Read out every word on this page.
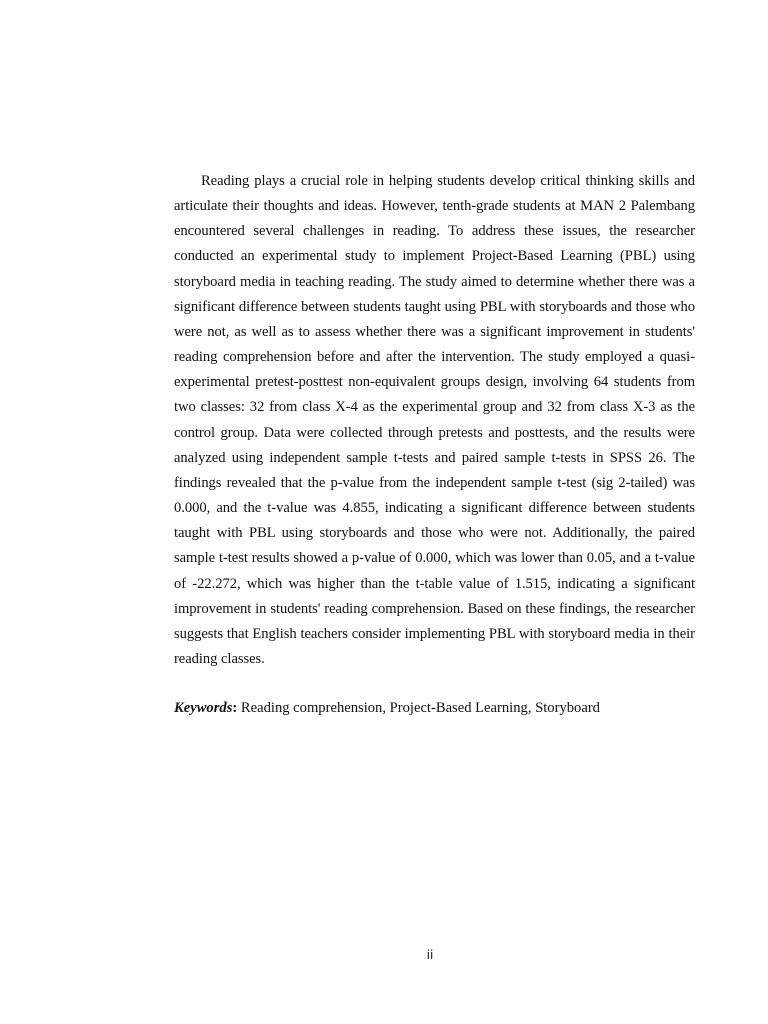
Reading plays a crucial role in helping students develop critical thinking skills and articulate their thoughts and ideas. However, tenth-grade students at MAN 2 Palembang encountered several challenges in reading. To address these issues, the researcher conducted an experimental study to implement Project-Based Learning (PBL) using storyboard media in teaching reading. The study aimed to determine whether there was a significant difference between students taught using PBL with storyboards and those who were not, as well as to assess whether there was a significant improvement in students' reading comprehension before and after the intervention. The study employed a quasi-experimental pretest-posttest non-equivalent groups design, involving 64 students from two classes: 32 from class X-4 as the experimental group and 32 from class X-3 as the control group. Data were collected through pretests and posttests, and the results were analyzed using independent sample t-tests and paired sample t-tests in SPSS 26. The findings revealed that the p-value from the independent sample t-test (sig 2-tailed) was 0.000, and the t-value was 4.855, indicating a significant difference between students taught with PBL using storyboards and those who were not. Additionally, the paired sample t-test results showed a p-value of 0.000, which was lower than 0.05, and a t-value of -22.272, which was higher than the t-table value of 1.515, indicating a significant improvement in students' reading comprehension. Based on these findings, the researcher suggests that English teachers consider implementing PBL with storyboard media in their reading classes.

Keywords: Reading comprehension, Project-Based Learning, Storyboard

ii
